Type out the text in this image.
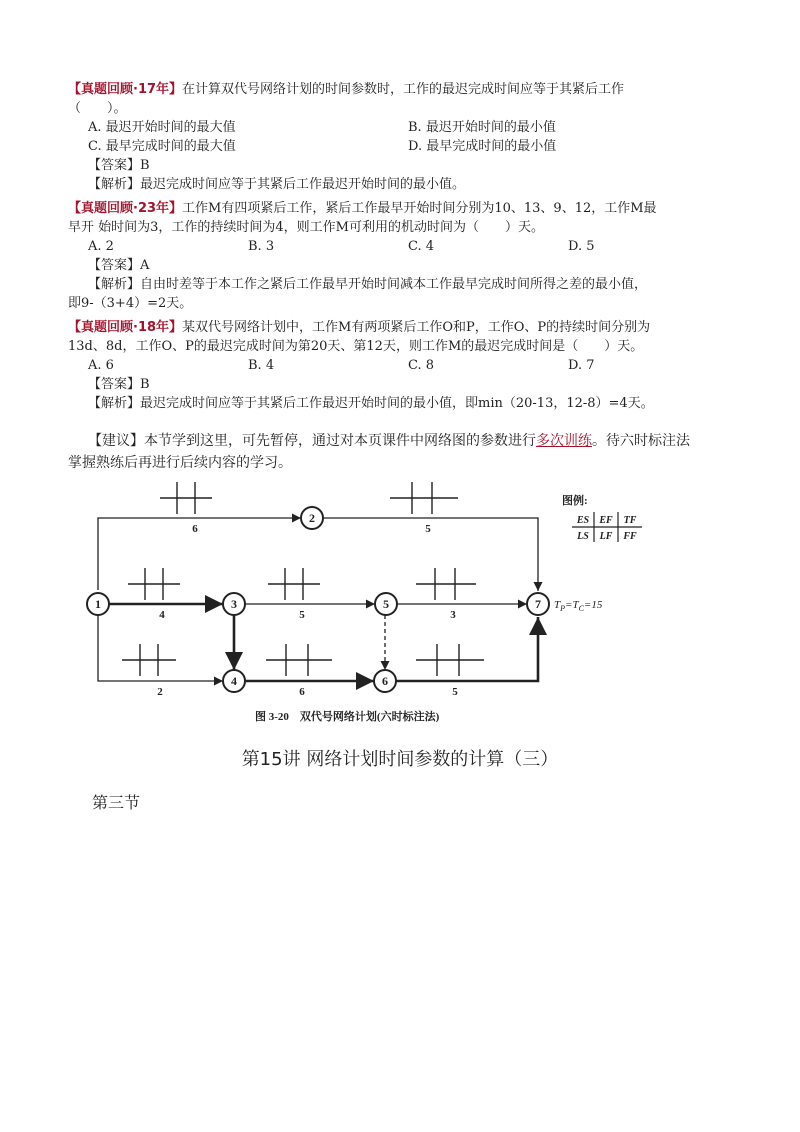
【真题回顾·17年】在计算双代号网络计划的时间参数时，工作的最迟完成时间应等于其紧后工作

（　　）。

A. 最迟开始时间的最大值	B. 最迟开始时间的最小值
C. 最早完成时间的最大值	D. 最早完成时间的最小值

【答案】B

【解析】最迟完成时间应等于其紧后工作最迟开始时间的最小值。

【真题回顾·23年】工作M有四项紧后工作，紧后工作最早开始时间分别为10、13、9、12，工作M最

早开 始时间为3，工作的持续时间为4，则工作M可利用的机动时间为（　　）天。

A. 2	B. 3	C. 4	D. 5

【答案】A

【解析】自由时差等于本工作之紧后工作最早开始时间减本工作最早完成时间所得之差的最小值，

即9-（3+4）=2天。

【真题回顾·18年】某双代号网络计划中，工作M有两项紧后工作O和P，工作O、P的持续时间分别为

13d、8d，工作O、P的最迟完成时间为第20天、第12天，则工作M的最迟完成时间是（　　）天。

A. 6	B. 4	C. 8	D. 7

【答案】B

【解析】最迟完成时间应等于其紧后工作最迟开始时间的最小值，即min（20-13，12-8）=4天。

【建议】本节学到这里，可先暂停，通过对本页课件中网络图的参数进行多次训练。待六时标注法

掌握熟练后再进行后续内容的学习。

6	5
4	5	3
2	6	5
1
2
3
4
5
6
7 $T_P=T_C=15$
图例:
ES EF TF
LS LF FF
图 3-20　双代号网络计划(六时标注法)
第15讲 网络计划时间参数的计算（三）
第三节
